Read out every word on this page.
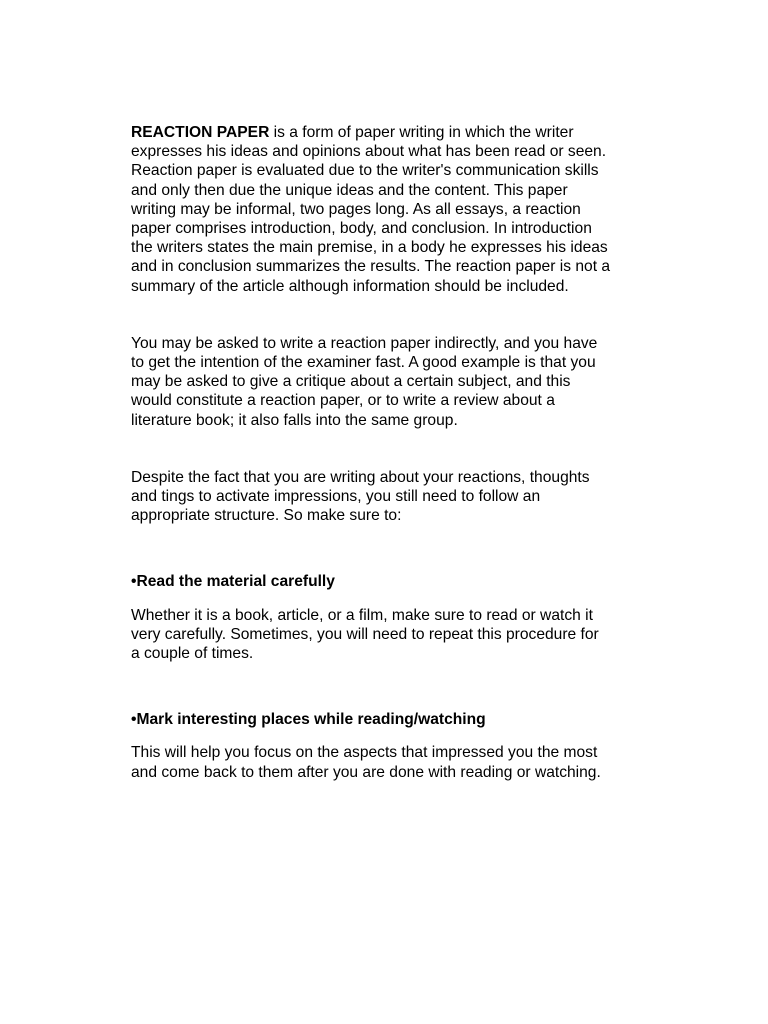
REACTION PAPER is a form of paper writing in which the writer
expresses his ideas and opinions about what has been read or seen.
Reaction paper is evaluated due to the writer's communication skills
and only then due the unique ideas and the content. This paper
writing may be informal, two pages long. As all essays, a reaction
paper comprises introduction, body, and conclusion. In introduction
the writers states the main premise, in a body he expresses his ideas
and in conclusion summarizes the results. The reaction paper is not a
summary of the article although information should be included.

You may be asked to write a reaction paper indirectly, and you have
to get the intention of the examiner fast. A good example is that you
may be asked to give a critique about a certain subject, and this
would constitute a reaction paper, or to write a review about a
literature book; it also falls into the same group.

Despite the fact that you are writing about your reactions, thoughts
and tings to activate impressions, you still need to follow an
appropriate structure. So make sure to:

•Read the material carefully

Whether it is a book, article, or a film, make sure to read or watch it
very carefully. Sometimes, you will need to repeat this procedure for
a couple of times.

•Mark interesting places while reading/watching

This will help you focus on the aspects that impressed you the most
and come back to them after you are done with reading or watching.
